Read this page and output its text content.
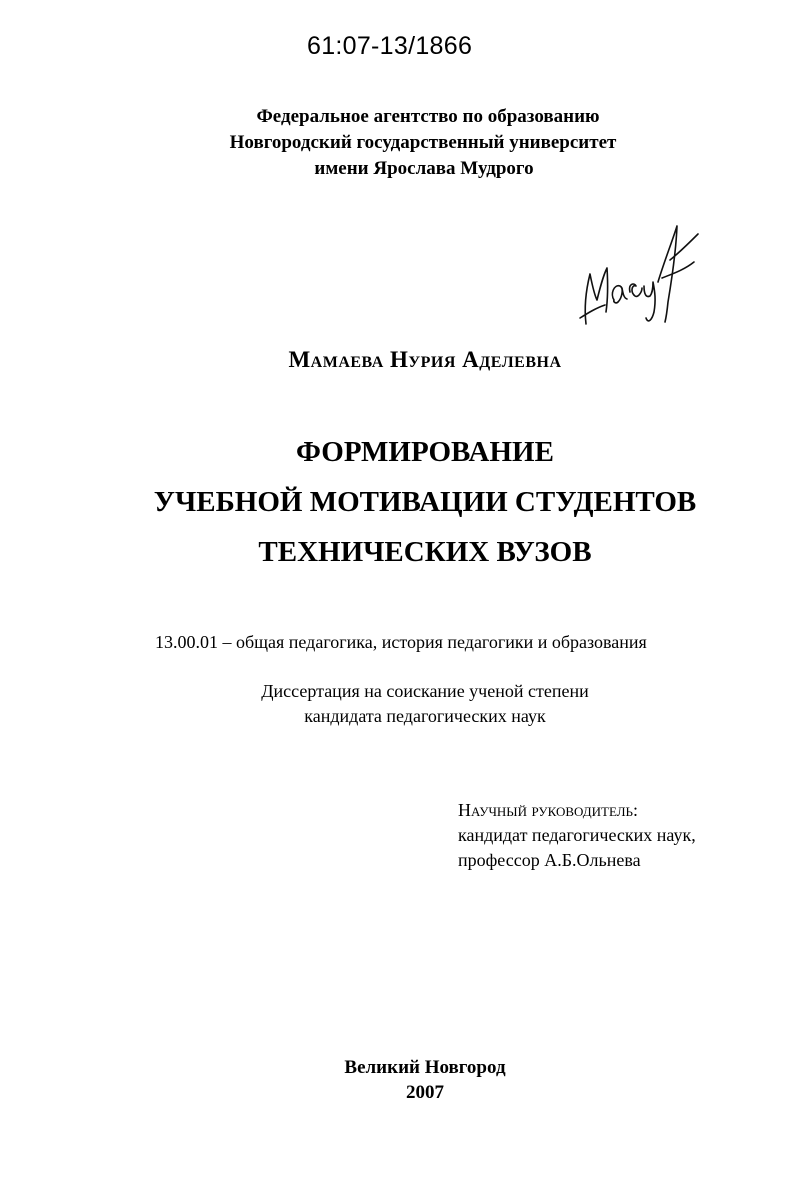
61:07-13/1866
Федеральное агентство по образованию
Новгородский государственный университет
имени Ярослава Мудрого
Мамаева Нурия Аделевна
ФОРМИРОВАНИЕ
УЧЕБНОЙ МОТИВАЦИИ СТУДЕНТОВ
ТЕХНИЧЕСКИХ ВУЗОВ
13.00.01 – общая педагогика, история педагогики и образования
Диссертация на соискание ученой степени
кандидата педагогических наук
Научный руководитель:
кандидат педагогических наук,
профессор А.Б.Ольнева
Великий Новгород
2007
